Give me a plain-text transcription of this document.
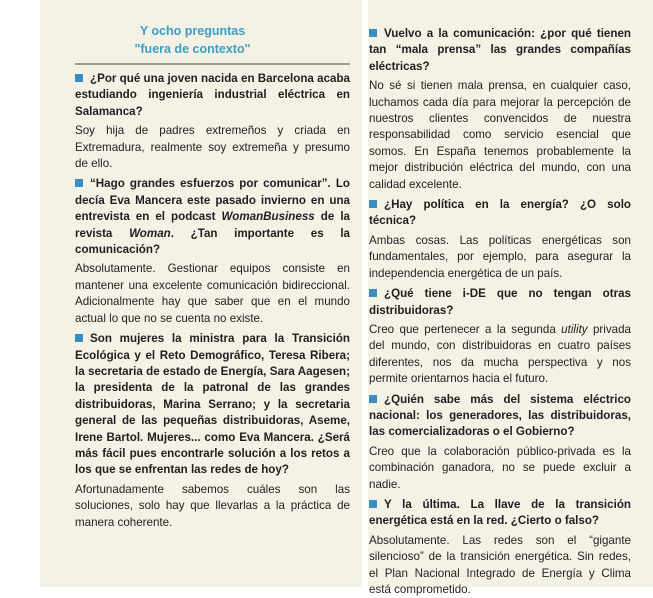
Y ocho preguntas
"fuera de contexto"

¿Por qué una joven nacida en Barcelona acaba estudiando ingeniería industrial eléctrica en Salamanca?

Soy hija de padres extremeños y criada en Extremadura, realmente soy extremeña y presumo de ello.

“Hago grandes esfuerzos por comunicar”. Lo decía Eva Mancera este pasado invierno en una entrevista en el podcast WomanBusiness de la revista Woman. ¿Tan importante es la comunicación?

Absolutamente. Gestionar equipos consiste en mantener una excelente comunicación bidireccional. Adicionalmente hay que saber que en el mundo actual lo que no se cuenta no existe.

Son mujeres la ministra para la Transición Ecológica y el Reto Demográfico, Teresa Ribera; la secretaria de estado de Energía, Sara Aagesen; la presidenta de la patronal de las grandes distribuidoras, Marina Serrano; y la secretaria general de las pequeñas distribuidoras, Aseme, Irene Bartol. Mujeres... como Eva Mancera. ¿Será más fácil pues encontrarle solución a los retos a los que se enfrentan las redes de hoy?

Afortunadamente sabemos cuáles son las soluciones, solo hay que llevarlas a la práctica de manera coherente.

Vuelvo a la comunicación: ¿por qué tienen tan “mala prensa” las grandes compañías eléctricas?

No sé si tienen mala prensa, en cualquier caso, luchamos cada día para mejorar la percepción de nuestros clientes convencidos de nuestra responsabilidad como servicio esencial que somos. En España tenemos probablemente la mejor distribución eléctrica del mundo, con una calidad excelente.

¿Hay política en la energía? ¿O solo técnica?

Ambas cosas. Las políticas energéticas son fundamentales, por ejemplo, para asegurar la independencia energética de un país.

¿Qué tiene i-DE que no tengan otras distribuidoras?

Creo que pertenecer a la segunda utility privada del mundo, con distribuidoras en cuatro países diferentes, nos da mucha perspectiva y nos permite orientarnos hacia el futuro.

¿Quién sabe más del sistema eléctrico nacional: los generadores, las distribuidoras, las comercializadoras o el Gobierno?

Creo que la colaboración público-privada es la combinación ganadora, no se puede excluir a nadie.

Y la última. La llave de la transición energética está en la red. ¿Cierto o falso?

Absolutamente. Las redes son el “gigante silencioso” de la transición energética. Sin redes, el Plan Nacional Integrado de Energía y Clima está comprometido.
